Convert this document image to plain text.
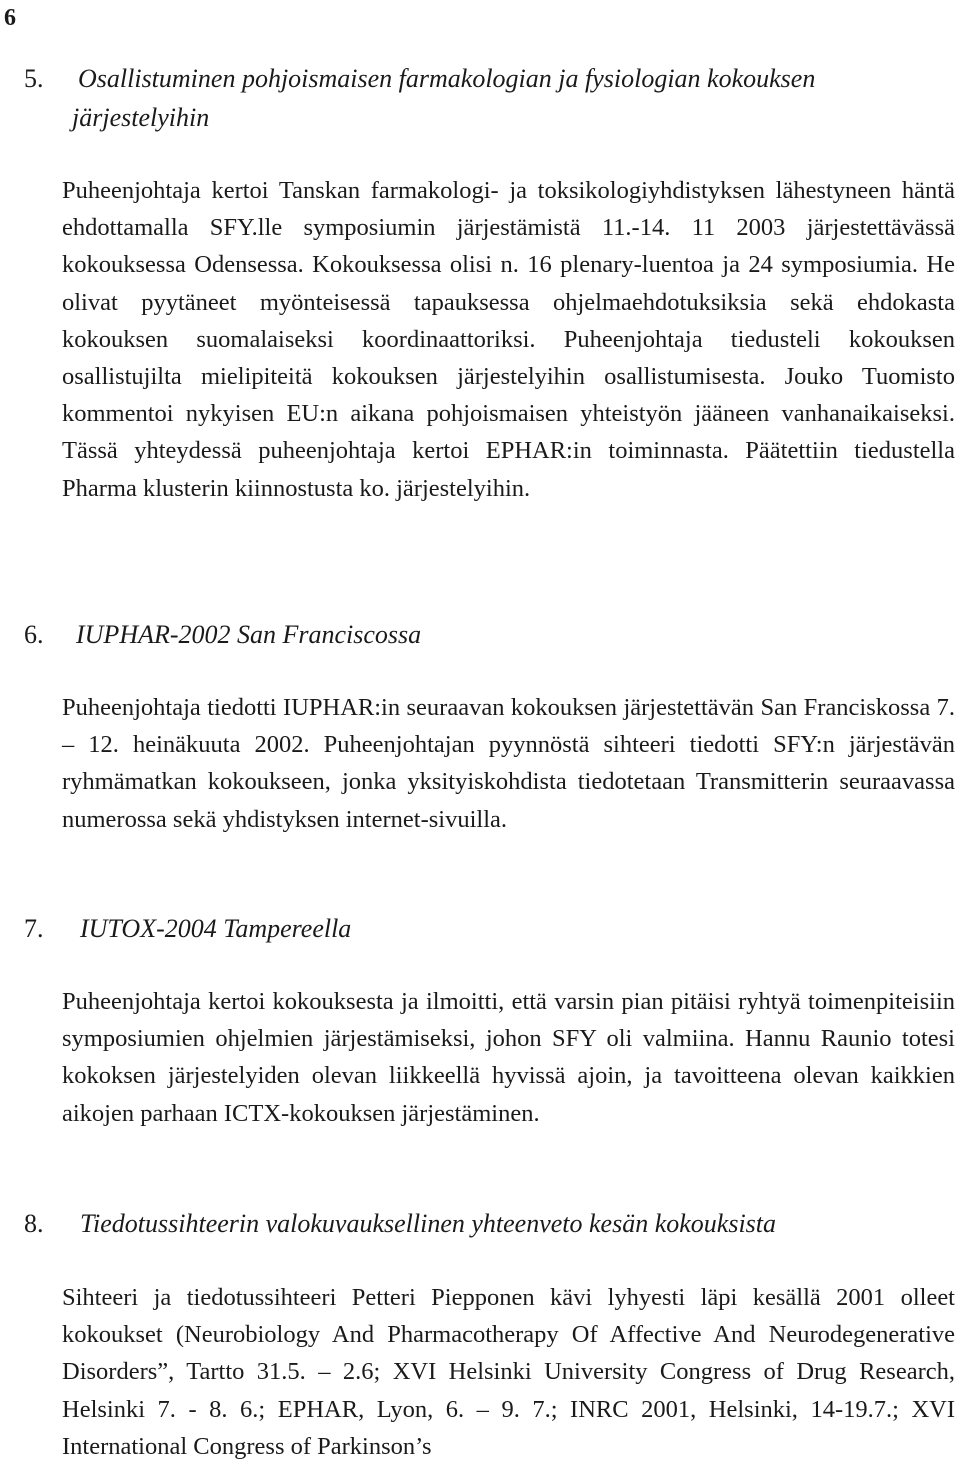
6
5. Osallistuminen pohjoismaisen farmakologian ja fysiologian kokouksen
järjestelyihin

Puheenjohtaja kertoi Tanskan farmakologi- ja toksikologiyhdistyksen lähestyneen häntä ehdottamalla SFY.lle symposiumin järjestämistä 11.-14. 11 2003 järjestettävässä kokouksessa Odensessa. Kokouksessa olisi n. 16 plenary-luentoa ja 24 symposiumia. He olivat pyytäneet myönteisessä tapauksessa ohjelmaehdotuksiksia sekä ehdokasta kokouksen suomalaiseksi koordinaattoriksi. Puheenjohtaja tiedusteli kokouksen osallistujilta mielipiteitä kokouksen järjestelyihin osallistumisesta. Jouko Tuomisto kommentoi nykyisen EU:n aikana pohjoismaisen yhteistyön jääneen vanhanaikaiseksi. Tässä yhteydessä puheenjohtaja kertoi EPHAR:in toiminnasta. Päätettiin tiedustella Pharma klusterin kiinnostusta ko. järjestelyihin.

6. IUPHAR-2002 San Franciscossa

Puheenjohtaja tiedotti IUPHAR:in seuraavan kokouksen järjestettävän San Franciskossa 7. – 12. heinäkuuta 2002. Puheenjohtajan pyynnöstä sihteeri tiedotti SFY:n järjestävän ryhmämatkan kokoukseen, jonka yksityiskohdista tiedotetaan Transmitterin seuraavassa numerossa sekä yhdistyksen internet-sivuilla.

7. IUTOX-2004 Tampereella

Puheenjohtaja kertoi kokouksesta ja ilmoitti, että varsin pian pitäisi ryhtyä toimenpiteisiin symposiumien ohjelmien järjestämiseksi, johon SFY oli valmiina. Hannu Raunio totesi kokoksen järjestelyiden olevan liikkeellä hyvissä ajoin, ja tavoitteena olevan kaikkien aikojen parhaan ICTX-kokouksen järjestäminen.

8. Tiedotussihteerin valokuvauksellinen yhteenveto kesän kokouksista

Sihteeri ja tiedotussihteeri Petteri Piepponen kävi lyhyesti läpi kesällä 2001 olleet kokoukset (Neurobiology And Pharmacotherapy Of Affective And Neurodegenerative Disorders”, Tartto 31.5. – 2.6; XVI Helsinki University Congress of Drug Research, Helsinki 7. - 8. 6.; EPHAR, Lyon, 6. – 9. 7.; INRC 2001, Helsinki, 14-19.7.; XVI International Congress of Parkinson’s
